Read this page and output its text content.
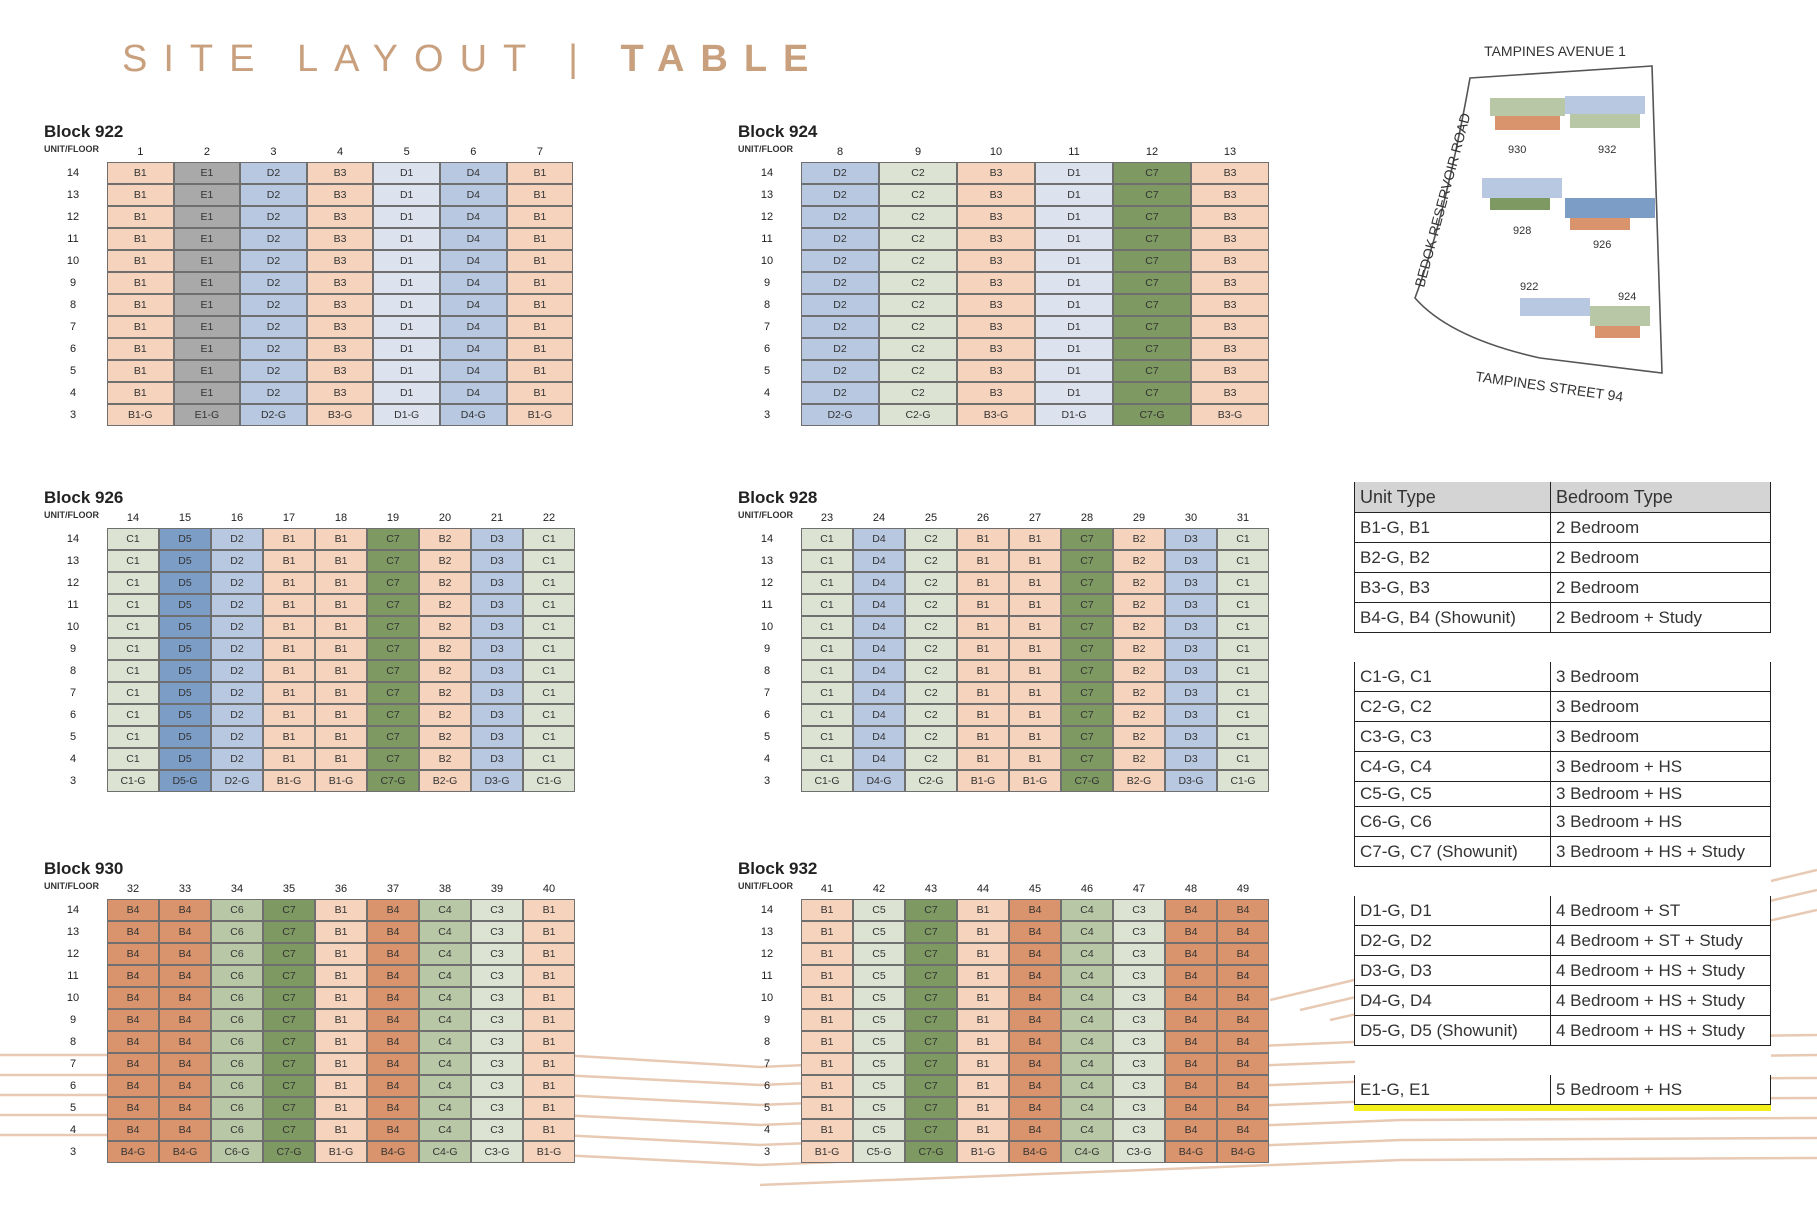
SITE LAYOUT | TABLE
Block 922
UNIT/FLOOR	1	2	3	4	5	6	7
14	B1	E1	D2	B3	D1	D4	B1
13	B1	E1	D2	B3	D1	D4	B1
12	B1	E1	D2	B3	D1	D4	B1
11	B1	E1	D2	B3	D1	D4	B1
10	B1	E1	D2	B3	D1	D4	B1
9	B1	E1	D2	B3	D1	D4	B1
8	B1	E1	D2	B3	D1	D4	B1
7	B1	E1	D2	B3	D1	D4	B1
6	B1	E1	D2	B3	D1	D4	B1
5	B1	E1	D2	B3	D1	D4	B1
4	B1	E1	D2	B3	D1	D4	B1
3	B1-G	E1-G	D2-G	B3-G	D1-G	D4-G	B1-G
Block 924
UNIT/FLOOR	8	9	10	11	12	13
14	D2	C2	B3	D1	C7	B3
13	D2	C2	B3	D1	C7	B3
12	D2	C2	B3	D1	C7	B3
11	D2	C2	B3	D1	C7	B3
10	D2	C2	B3	D1	C7	B3
9	D2	C2	B3	D1	C7	B3
8	D2	C2	B3	D1	C7	B3
7	D2	C2	B3	D1	C7	B3
6	D2	C2	B3	D1	C7	B3
5	D2	C2	B3	D1	C7	B3
4	D2	C2	B3	D1	C7	B3
3	D2-G	C2-G	B3-G	D1-G	C7-G	B3-G
Block 926
UNIT/FLOOR	14	15	16	17	18	19	20	21	22
14	C1	D5	D2	B1	B1	C7	B2	D3	C1
13	C1	D5	D2	B1	B1	C7	B2	D3	C1
12	C1	D5	D2	B1	B1	C7	B2	D3	C1
11	C1	D5	D2	B1	B1	C7	B2	D3	C1
10	C1	D5	D2	B1	B1	C7	B2	D3	C1
9	C1	D5	D2	B1	B1	C7	B2	D3	C1
8	C1	D5	D2	B1	B1	C7	B2	D3	C1
7	C1	D5	D2	B1	B1	C7	B2	D3	C1
6	C1	D5	D2	B1	B1	C7	B2	D3	C1
5	C1	D5	D2	B1	B1	C7	B2	D3	C1
4	C1	D5	D2	B1	B1	C7	B2	D3	C1
3	C1-G	D5-G	D2-G	B1-G	B1-G	C7-G	B2-G	D3-G	C1-G
Block 928
UNIT/FLOOR	23	24	25	26	27	28	29	30	31
14	C1	D4	C2	B1	B1	C7	B2	D3	C1
13	C1	D4	C2	B1	B1	C7	B2	D3	C1
12	C1	D4	C2	B1	B1	C7	B2	D3	C1
11	C1	D4	C2	B1	B1	C7	B2	D3	C1
10	C1	D4	C2	B1	B1	C7	B2	D3	C1
9	C1	D4	C2	B1	B1	C7	B2	D3	C1
8	C1	D4	C2	B1	B1	C7	B2	D3	C1
7	C1	D4	C2	B1	B1	C7	B2	D3	C1
6	C1	D4	C2	B1	B1	C7	B2	D3	C1
5	C1	D4	C2	B1	B1	C7	B2	D3	C1
4	C1	D4	C2	B1	B1	C7	B2	D3	C1
3	C1-G	D4-G	C2-G	B1-G	B1-G	C7-G	B2-G	D3-G	C1-G
Block 930
UNIT/FLOOR	32	33	34	35	36	37	38	39	40
14	B4	B4	C6	C7	B1	B4	C4	C3	B1
13	B4	B4	C6	C7	B1	B4	C4	C3	B1
12	B4	B4	C6	C7	B1	B4	C4	C3	B1
11	B4	B4	C6	C7	B1	B4	C4	C3	B1
10	B4	B4	C6	C7	B1	B4	C4	C3	B1
9	B4	B4	C6	C7	B1	B4	C4	C3	B1
8	B4	B4	C6	C7	B1	B4	C4	C3	B1
7	B4	B4	C6	C7	B1	B4	C4	C3	B1
6	B4	B4	C6	C7	B1	B4	C4	C3	B1
5	B4	B4	C6	C7	B1	B4	C4	C3	B1
4	B4	B4	C6	C7	B1	B4	C4	C3	B1
3	B4-G	B4-G	C6-G	C7-G	B1-G	B4-G	C4-G	C3-G	B1-G
Block 932
UNIT/FLOOR	41	42	43	44	45	46	47	48	49
14	B1	C5	C7	B1	B4	C4	C3	B4	B4
13	B1	C5	C7	B1	B4	C4	C3	B4	B4
12	B1	C5	C7	B1	B4	C4	C3	B4	B4
11	B1	C5	C7	B1	B4	C4	C3	B4	B4
10	B1	C5	C7	B1	B4	C4	C3	B4	B4
9	B1	C5	C7	B1	B4	C4	C3	B4	B4
8	B1	C5	C7	B1	B4	C4	C3	B4	B4
7	B1	C5	C7	B1	B4	C4	C3	B4	B4
6	B1	C5	C7	B1	B4	C4	C3	B4	B4
5	B1	C5	C7	B1	B4	C4	C3	B4	B4
4	B1	C5	C7	B1	B4	C4	C3	B4	B4
3	B1-G	C5-G	C7-G	B1-G	B4-G	C4-G	C3-G	B4-G	B4-G
TAMPINES AVENUE 1
BEDOK RESERVOIR ROAD
TAMPINES STREET 94
930	932
928
926
922
924
Unit Type	Bedroom Type
B1-G, B1	2 Bedroom
B2-G, B2	2 Bedroom
B3-G, B3	2 Bedroom
B4-G, B4 (Showunit)	2 Bedroom + Study

C1-G, C1	3 Bedroom
C2-G, C2	3 Bedroom
C3-G, C3	3 Bedroom
C4-G, C4	3 Bedroom + HS
C5-G, C5	3 Bedroom + HS
C6-G, C6	3 Bedroom + HS
C7-G, C7 (Showunit)	3 Bedroom + HS + Study

D1-G, D1	4 Bedroom + ST
D2-G, D2	4 Bedroom + ST + Study
D3-G, D3	4 Bedroom + HS + Study
D4-G, D4	4 Bedroom + HS + Study
D5-G, D5 (Showunit)	4 Bedroom + HS + Study

E1-G, E1	5 Bedroom + HS
